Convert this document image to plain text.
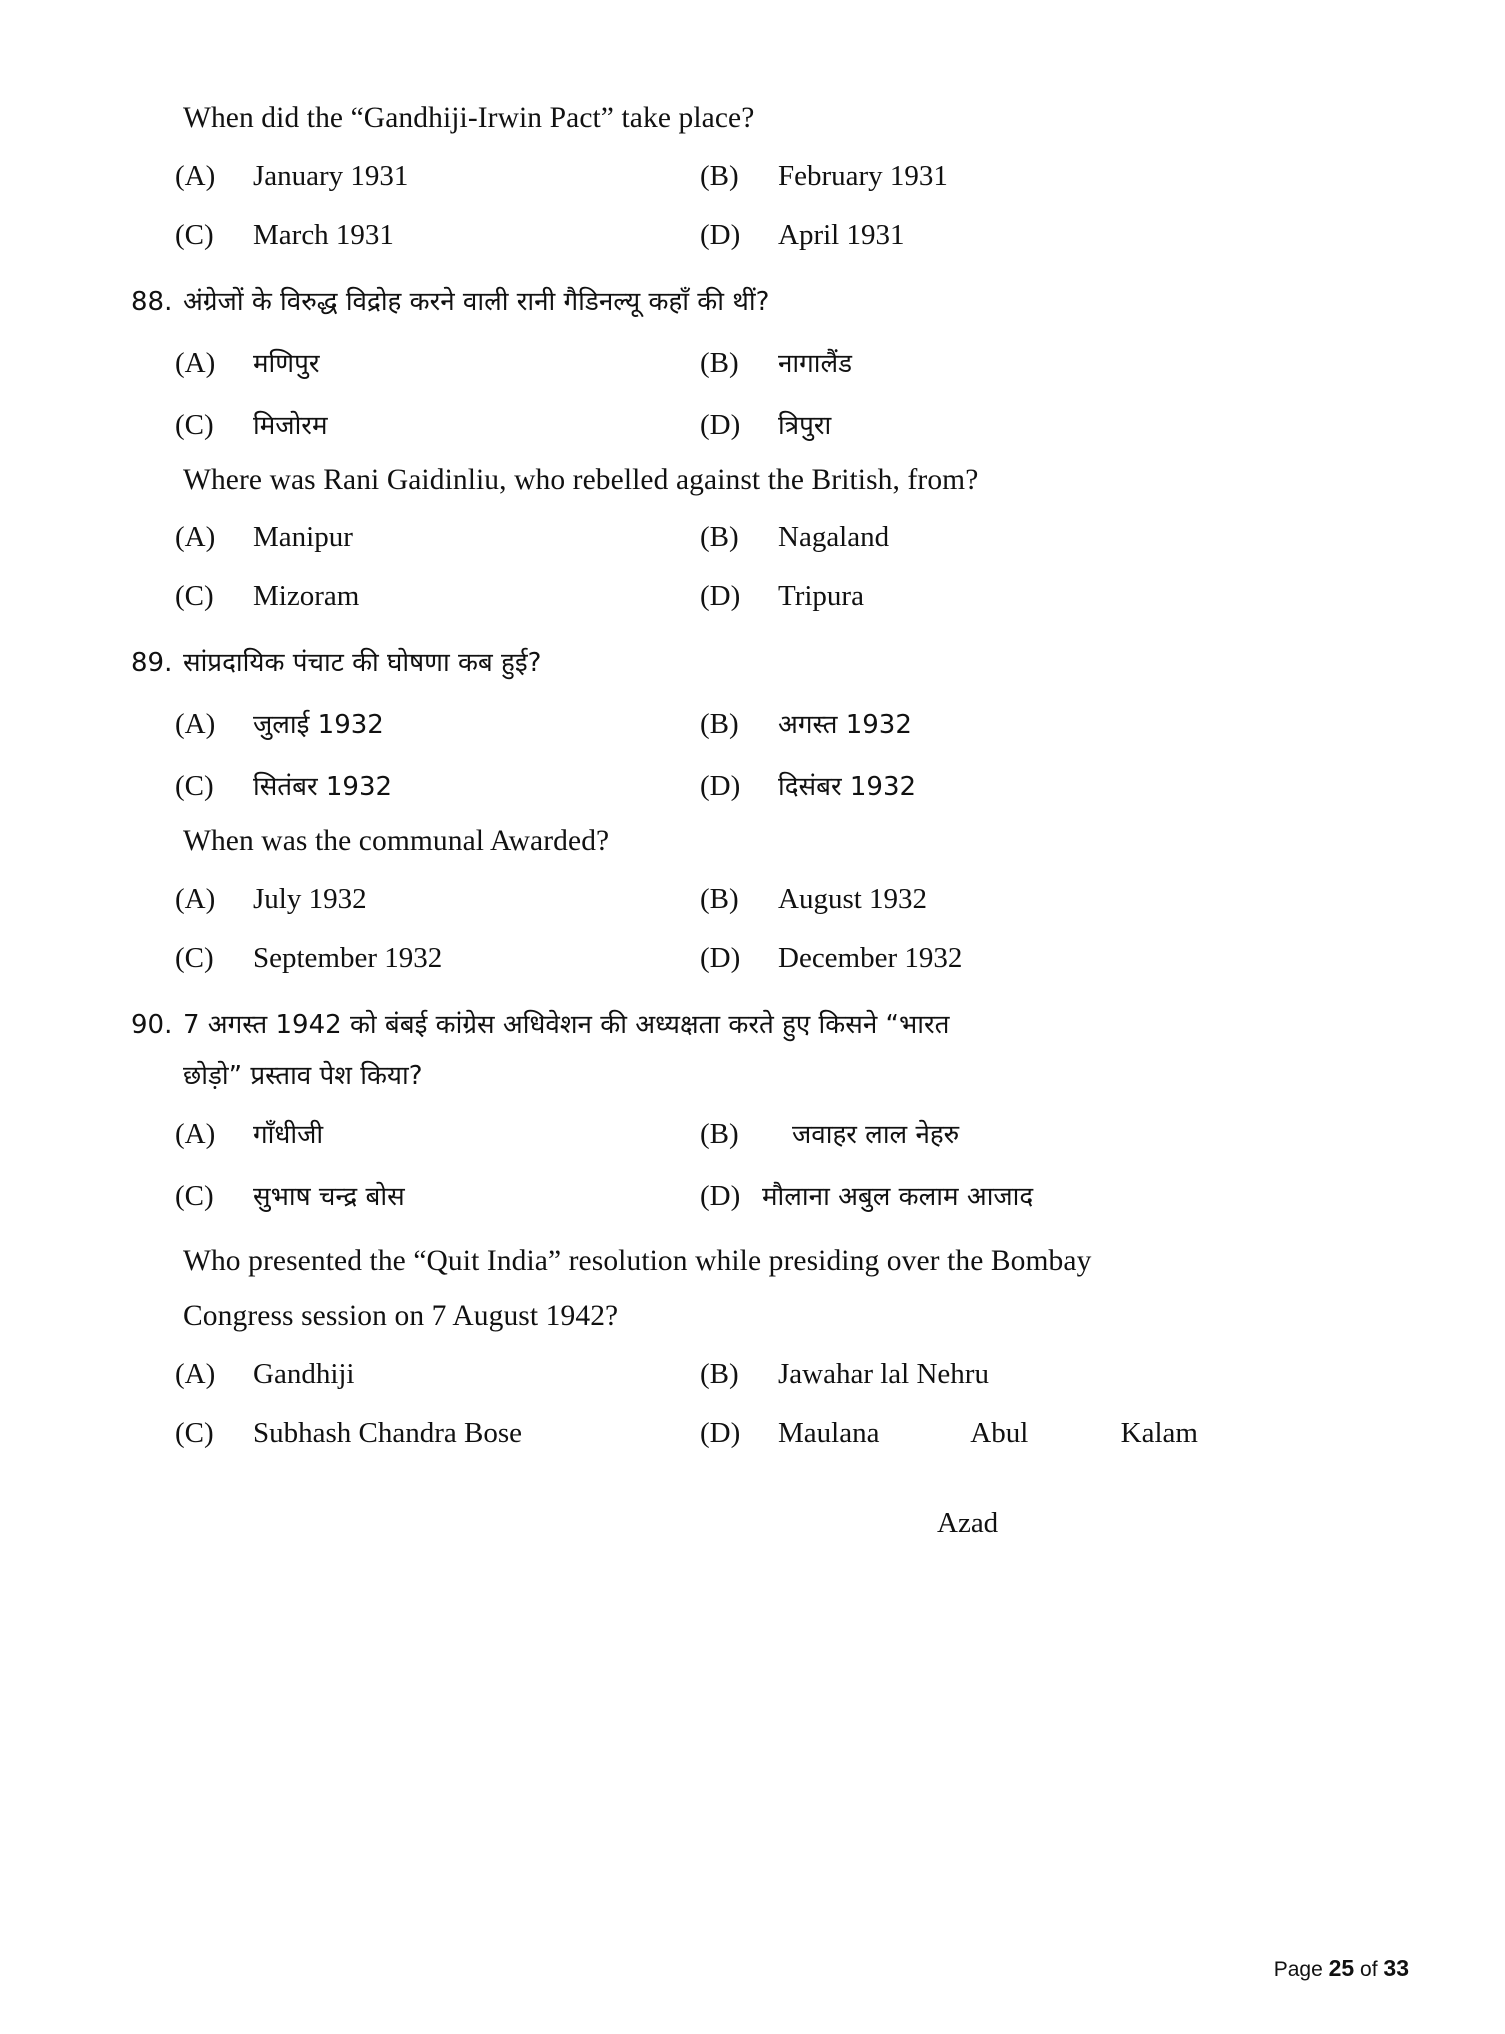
When did the “Gandhiji-Irwin Pact” take place?
(A)	January 1931	(B)	February 1931
(C)	March 1931	(D)	April 1931
88. अंग्रेजों के विरुद्ध विद्रोह करने वाली रानी गैडिनल्यू कहाँ की थीं?
(A)	मणिपुर	(B)	नागालैंड
(C)	मिजोरम	(D)	त्रिपुरा
Where was Rani Gaidinliu, who rebelled against the British, from?
(A)	Manipur	(B)	Nagaland
(C)	Mizoram	(D)	Tripura
89. सांप्रदायिक पंचाट की घोषणा कब हुई?
(A)	जुलाई 1932	(B)	अगस्त 1932
(C)	सितंबर 1932	(D)	दिसंबर 1932
When was the communal Awarded?
(A)	July 1932	(B)	August 1932
(C)	September 1932	(D)	December 1932
90. 7 अगस्त 1942 को बंबई कांग्रेस अधिवेशन की अध्यक्षता करते हुए किसने “भारत
छोड़ो” प्रस्ताव पेश किया?
(A)	गाँधीजी	(B)	जवाहर लाल नेहरु
(C)	सुभाष चन्द्र बोस	(D) मौलाना अबुल कलाम आजाद
Who presented the “Quit India” resolution while presiding over the Bombay
Congress session on 7 August 1942?
(A)	Gandhiji	(B)	Jawahar lal Nehru
(C)	Subhash Chandra Bose	(D)	Maulana Abul Kalam
Azad
Page 25 of 33
